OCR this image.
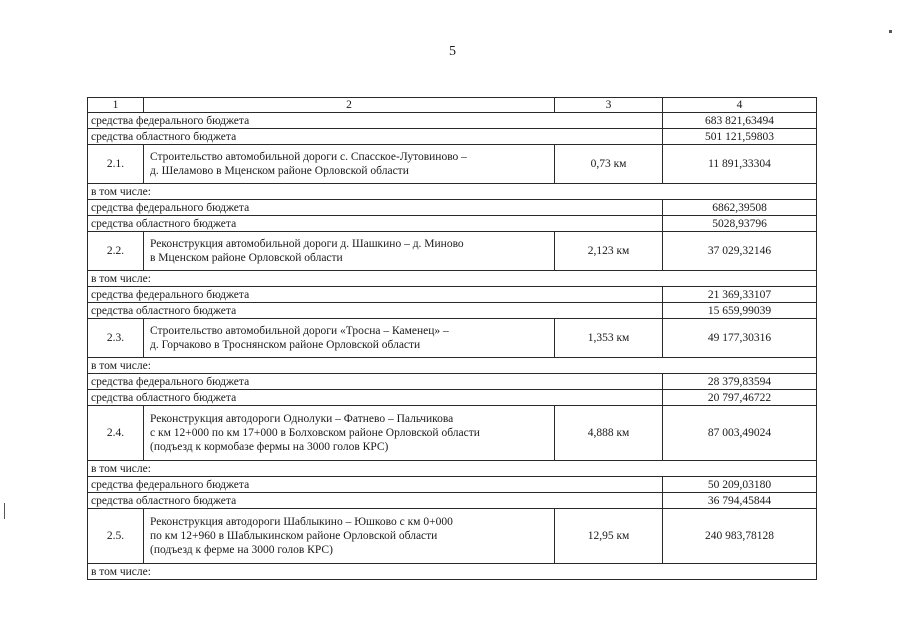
5
1	2	3	4
средства федерального бюджета			683 821,63494
средства областного бюджета			501 121,59803
2.1.	Строительство автомобильной дороги с. Спасское-Лутовиново –
д. Шеламово в Мценском районе Орловской области	0,73 км	11 891,33304
в том числе:			
средства федерального бюджета			6862,39508
средства областного бюджета			5028,93796
2.2.	Реконструкция автомобильной дороги д. Шашкино – д. Миново
в Мценском районе Орловской области	2,123 км	37 029,32146
в том числе:			
средства федерального бюджета			21 369,33107
средства областного бюджета			15 659,99039
2.3.	Строительство автомобильной дороги «Тросна – Каменец» –
д. Горчаково в Троснянском районе Орловской области	1,353 км	49 177,30316
в том числе:			
средства федерального бюджета			28 379,83594
средства областного бюджета			20 797,46722
2.4.	Реконструкция автодороги Однолуки – Фатнево – Пальчикова
с км 12+000 по км 17+000 в Болховском районе Орловской области
(подъезд к кормобазе фермы на 3000 голов КРС)	4,888 км	87 003,49024
в том числе:			
средства федерального бюджета			50 209,03180
средства областного бюджета			36 794,45844
2.5.	Реконструкция автодороги Шаблыкино – Юшково с км 0+000
по км 12+960 в Шаблыкинском районе Орловской области
(подъезд к ферме на 3000 голов КРС)	12,95 км	240 983,78128
в том числе:			
